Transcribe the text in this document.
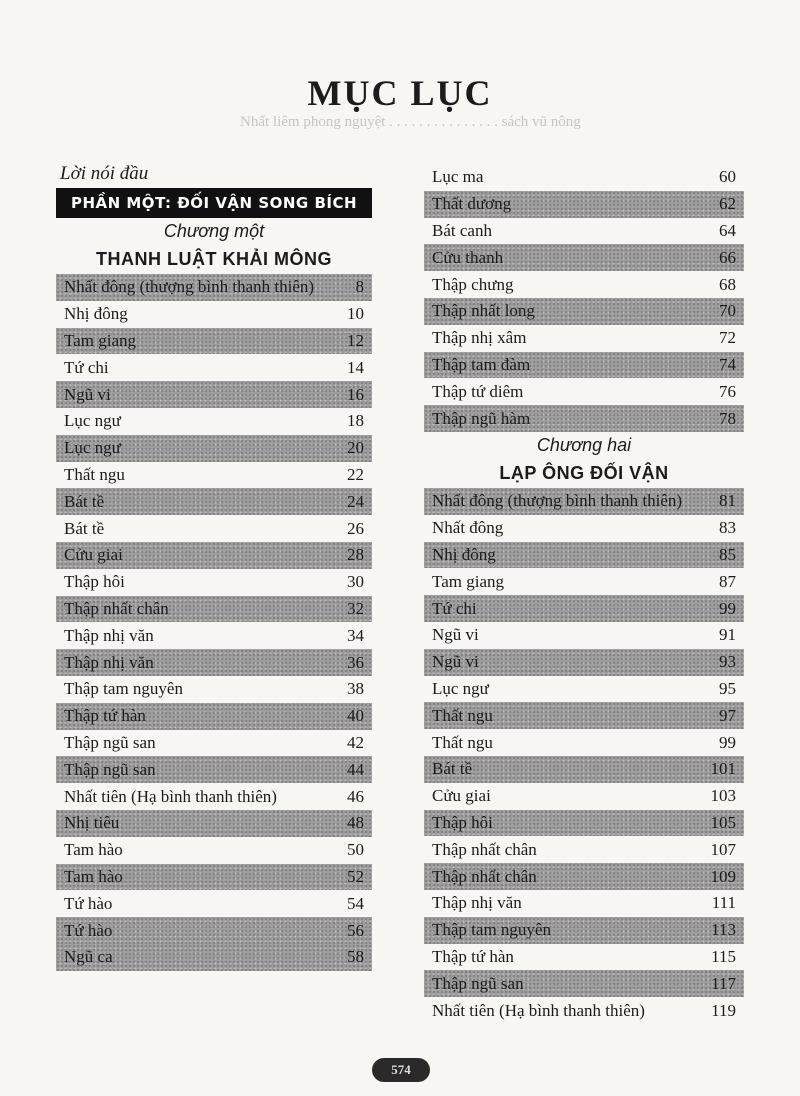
MỤC LỤC
Nhất liêm phong nguyệt . . . . . . . . . . . . . . . sách vũ nông
Lời nói đầu
PHẦN MỘT: ĐỐI VẬN SONG BÍCH
Chương một
THANH LUẬT KHẢI MÔNG
Nhất đông (thượng bình thanh thiên) 8
Nhị đông	10
Tam giang	12
Tứ chi	14
Ngũ vi	16
Lục ngư	18
Lục ngư	20
Thất ngu	22
Bát tề	24
Bát tề	26
Cửu giai	28
Thập hôi	30
Thập nhất chân	32
Thập nhị văn	34
Thập nhị văn	36
Thập tam nguyên	38
Thập tứ hàn	40
Thập ngũ san	42
Thập ngũ san	44
Nhất tiên (Hạ bình thanh thiên)	46
Nhị tiêu	48
Tam hào	50
Tam hào	52
Tứ hào	54
Tứ hào	56
Ngũ ca	58
Lục ma	60
Thất dương	62
Bát canh	64
Cửu thanh	66
Thập chưng	68
Thập nhất long	70
Thập nhị xâm	72
Thập tam đàm	74
Thập tứ diêm	76
Thập ngũ hàm	78
Chương hai
LẠP ÔNG ĐỐI VẬN
Nhất đông (thượng bình thanh thiên) 81
Nhất đông	83
Nhị đông	85
Tam giang	87
Tứ chi	99
Ngũ vi	91
Ngũ vi	93
Lục ngư	95
Thất ngu	97
Thất ngu	99
Bát tề	101
Cửu giai	103
Thập hôi	105
Thập nhất chân	107
Thập nhất chân	109
Thập nhị văn	111
Thập tam nguyên	113
Thập tứ hàn	115
Thập ngũ san	117
Nhất tiên (Hạ bình thanh thiên)	119
574
